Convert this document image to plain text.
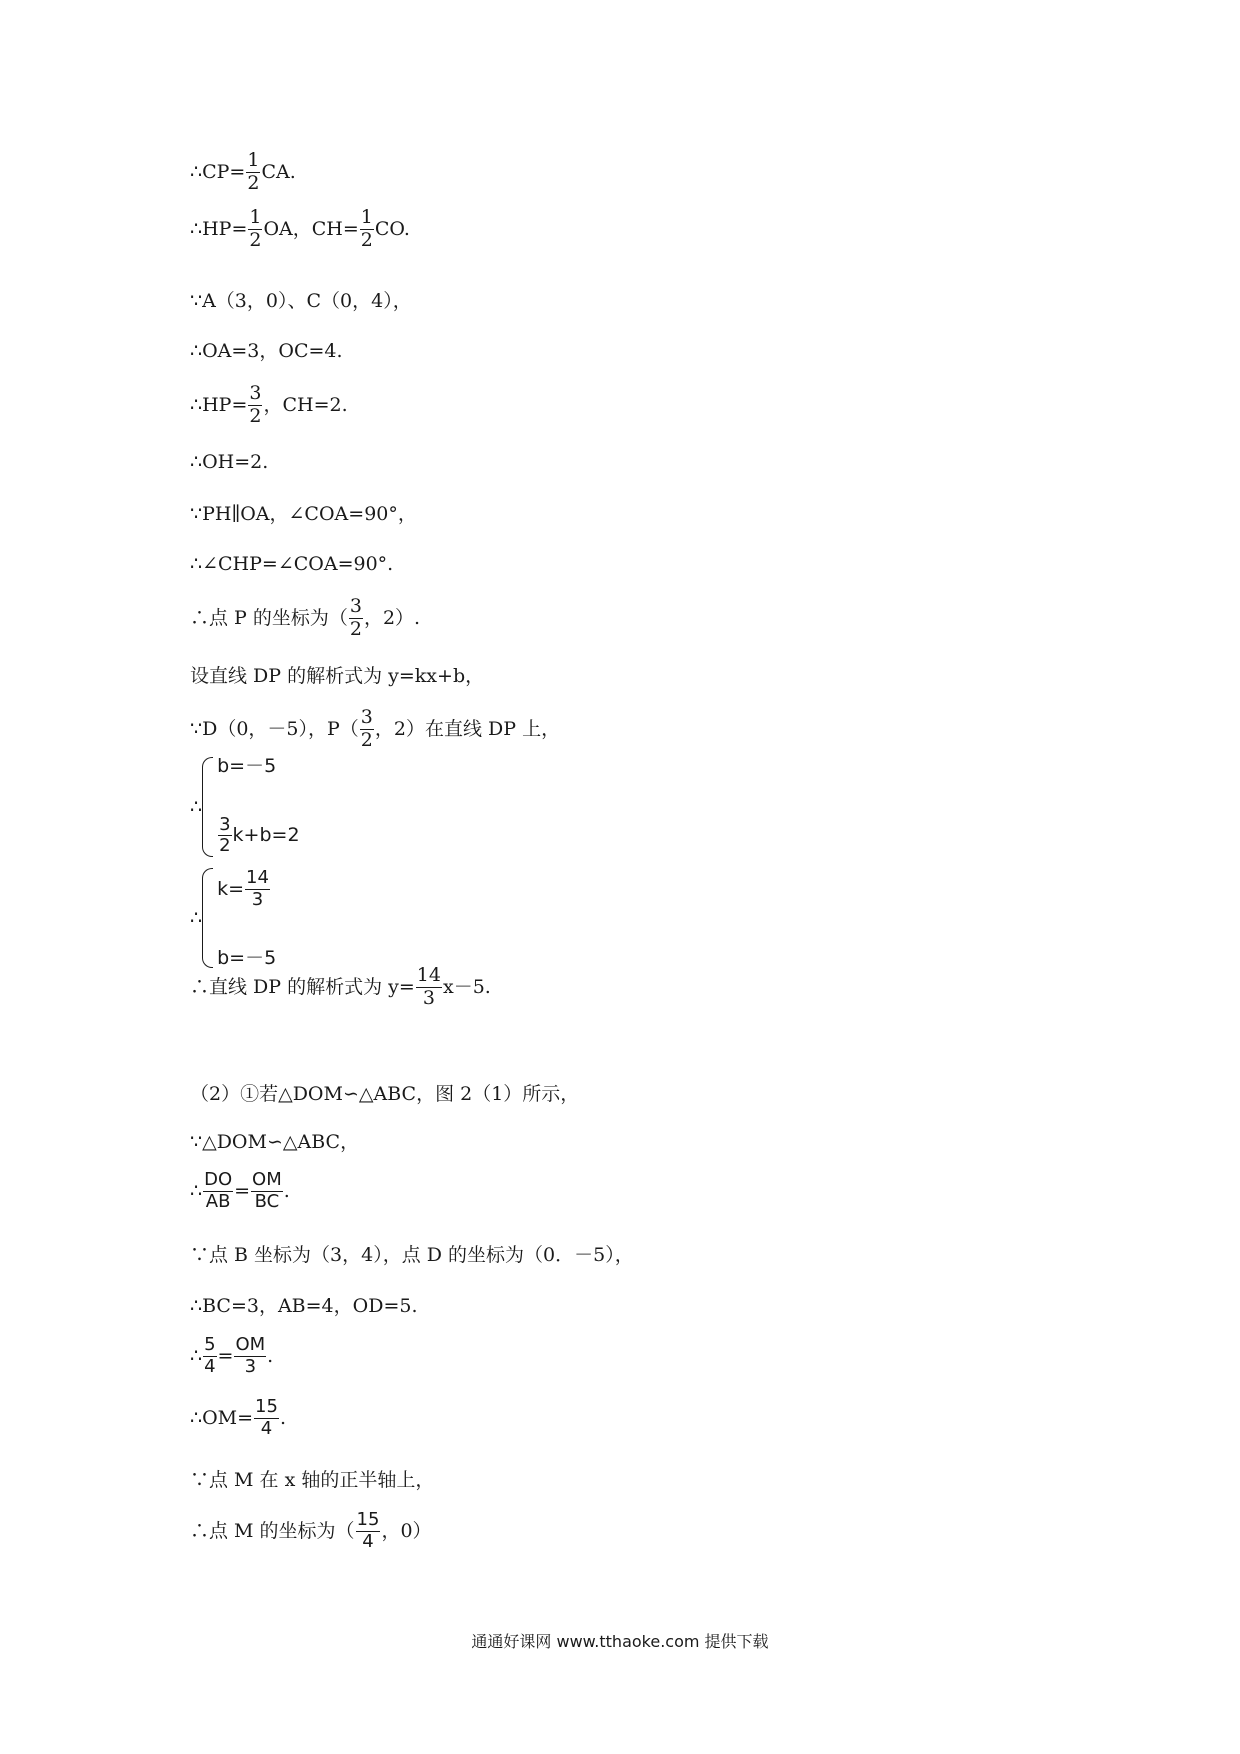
∴CP= $\frac{1}{2}$ CA.
∴HP= $\frac{1}{2}$ OA，$CH= \frac{1}{2}$ CO.
∵A（3，0）、C（0，4），
∴OA=3，OC=4.
∴HP= $\frac{3}{2}$ ，CH=2.
∴OH=2.
∵PH∥OA，∠COA=90°，
∴∠CHP=∠COA=90°.
∴点 P 的坐标为（ $\frac{3}{2}$ ，2）.
设直线 DP 的解析式为 y=kx+b，
∵D（0，－5），$P( \frac{3}{2}$ ，2）在直线 DP 上，
∴
b=－5
$\frac{3}{2} k+b=2$
∴
$k= \frac{14}{3}$
b=－5
∴直线 DP 的解析式为 $y= \frac{14}{3} x-5$.
（2）①若△DOM∽△ABC，图 2（1）所示，
∵△DOM∽△ABC，
∴ $\frac{DO}{AB} = \frac{OM}{BC}$ .
∵点 B 坐标为（3，4），点 D 的坐标为（0．－5），
∴BC=3，AB=4，OD=5.
∴ $\frac{5}{4} = \frac{OM}{3}$ .
∴OM= $\frac{15}{4}$ .
∵点 M 在 x 轴的正半轴上，
∴点 M 的坐标为（ $\frac{15}{4}$ ，0）
通通好课网 www.tthaoke.com 提供下载
